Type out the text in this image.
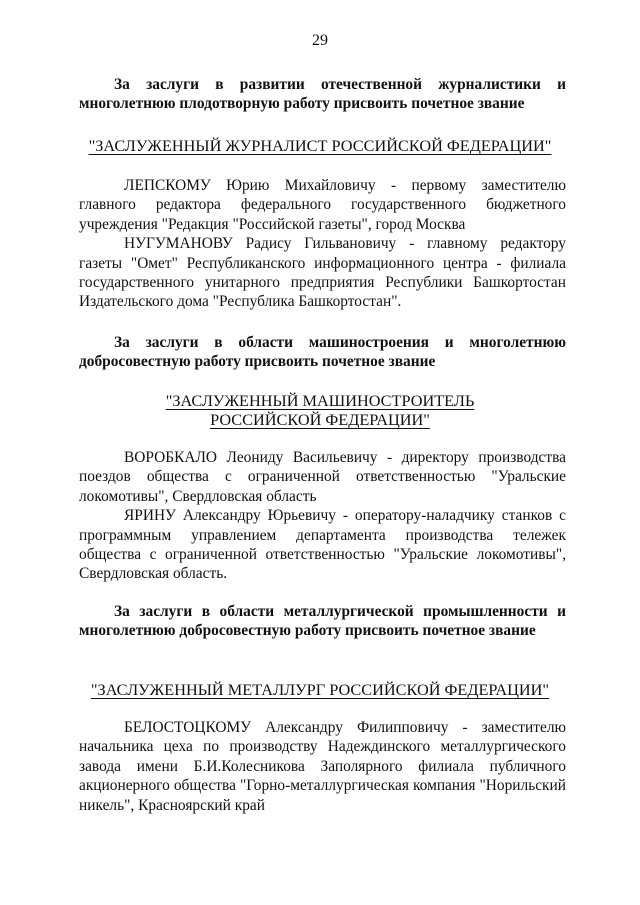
29
За заслуги в развитии отечественной журналистики и многолетнюю плодотворную работу присвоить почетное звание
"ЗАСЛУЖЕННЫЙ ЖУРНАЛИСТ РОССИЙСКОЙ ФЕДЕРАЦИИ"
ЛЕПСКОМУ Юрию Михайловичу - первому заместителю главного редактора федерального государственного бюджетного учреждения "Редакция "Российской газеты", город Москва
НУГУМАНОВУ Радису Гильвановичу - главному редактору газеты "Омет" Республиканского информационного центра - филиала государственного унитарного предприятия Республики Башкортостан Издательского дома "Республика Башкортостан".
За заслуги в области машиностроения и многолетнюю добросовестную работу присвоить почетное звание
"ЗАСЛУЖЕННЫЙ МАШИНОСТРОИТЕЛЬ
РОССИЙСКОЙ ФЕДЕРАЦИИ"
ВОРОБКАЛО Леониду Васильевичу - директору производства поездов общества с ограниченной ответственностью "Уральские локомотивы", Свердловская область
ЯРИНУ Александру Юрьевичу - оператору-наладчику станков с программным управлением департамента производства тележек общества с ограниченной ответственностью "Уральские локомотивы", Свердловская область.
За заслуги в области металлургической промышленности и многолетнюю добросовестную работу присвоить почетное звание
"ЗАСЛУЖЕННЫЙ МЕТАЛЛУРГ РОССИЙСКОЙ ФЕДЕРАЦИИ"
БЕЛОСТОЦКОМУ Александру Филипповичу - заместителю начальника цеха по производству Надеждинского металлургического завода имени Б.И.Колесникова Заполярного филиала публичного акционерного общества "Горно-металлургическая компания "Норильский никель", Красноярский край
